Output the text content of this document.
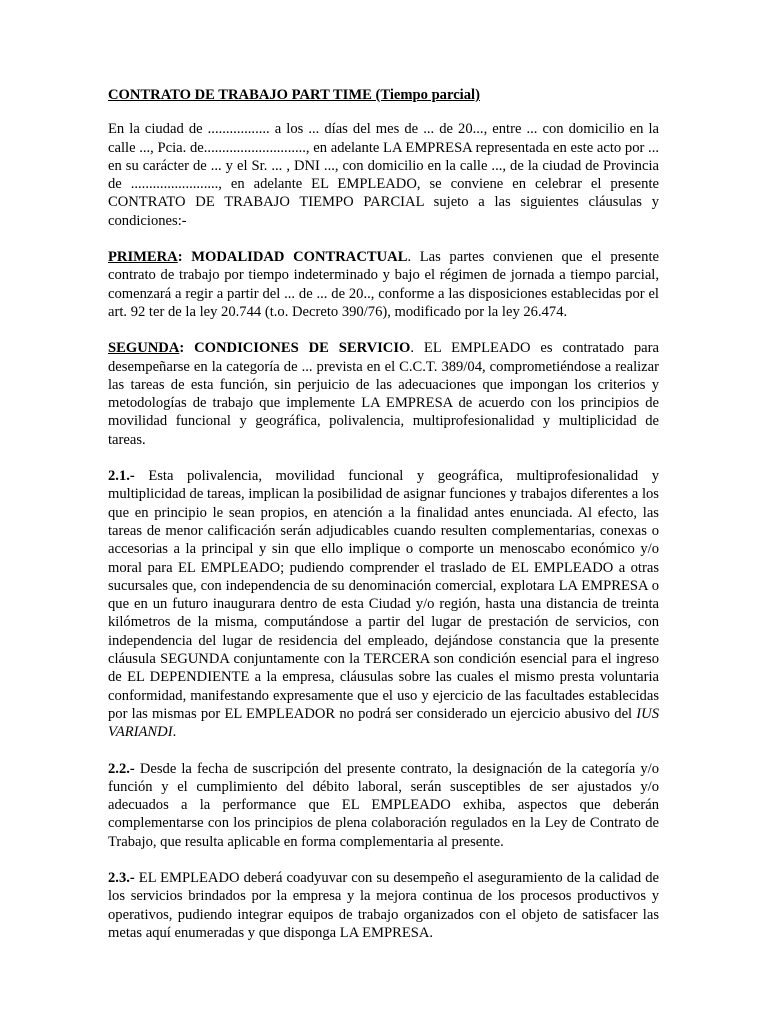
CONTRATO DE TRABAJO PART TIME (Tiempo parcial)

En la ciudad de ................. a los ... días del mes de ... de 20..., entre ... con domicilio en la calle ..., Pcia. de............................, en adelante LA EMPRESA representada en este acto por ... en su carácter de ... y el Sr. ... , DNI ..., con domicilio en la calle ..., de la ciudad de Provincia de ........................, en adelante EL EMPLEADO, se conviene en celebrar el presente CONTRATO DE TRABAJO TIEMPO PARCIAL sujeto a las siguientes cláusulas y condiciones:-

PRIMERA: MODALIDAD CONTRACTUAL. Las partes convienen que el presente contrato de trabajo por tiempo indeterminado y bajo el régimen de jornada a tiempo parcial, comenzará a regir a partir del ... de ... de 20.., conforme a las disposiciones establecidas por el art. 92 ter de la ley 20.744 (t.o. Decreto 390/76), modificado por la ley 26.474.

SEGUNDA: CONDICIONES DE SERVICIO. EL EMPLEADO es contratado para desempeñarse en la categoría de ... prevista en el C.C.T. 389/04, comprometiéndose a realizar las tareas de esta función, sin perjuicio de las adecuaciones que impongan los criterios y metodologías de trabajo que implemente LA EMPRESA de acuerdo con los principios de movilidad funcional y geográfica, polivalencia, multiprofesionalidad y multiplicidad de tareas.

2.1.- Esta polivalencia, movilidad funcional y geográfica, multiprofesionalidad y multiplicidad de tareas, implican la posibilidad de asignar funciones y trabajos diferentes a los que en principio le sean propios, en atención a la finalidad antes enunciada. Al efecto, las tareas de menor calificación serán adjudicables cuando resulten complementarias, conexas o accesorias a la principal y sin que ello implique o comporte un menoscabo económico y/o moral para EL EMPLEADO; pudiendo comprender el traslado de EL EMPLEADO a otras sucursales que, con independencia de su denominación comercial, explotara LA EMPRESA o que en un futuro inaugurara dentro de esta Ciudad y/o región, hasta una distancia de treinta kilómetros de la misma, computándose a partir del lugar de prestación de servicios, con independencia del lugar de residencia del empleado, dejándose constancia que la presente cláusula SEGUNDA conjuntamente con la TERCERA son condición esencial para el ingreso de EL DEPENDIENTE a la empresa, cláusulas sobre las cuales el mismo presta voluntaria conformidad, manifestando expresamente que el uso y ejercicio de las facultades establecidas por las mismas por EL EMPLEADOR no podrá ser considerado un ejercicio abusivo del IUS VARIANDI.

2.2.- Desde la fecha de suscripción del presente contrato, la designación de la categoría y/o función y el cumplimiento del débito laboral, serán susceptibles de ser ajustados y/o adecuados a la performance que EL EMPLEADO exhiba, aspectos que deberán complementarse con los principios de plena colaboración regulados en la Ley de Contrato de Trabajo, que resulta aplicable en forma complementaria al presente.

2.3.- EL EMPLEADO deberá coadyuvar con su desempeño el aseguramiento de la calidad de los servicios brindados por la empresa y la mejora continua de los procesos productivos y operativos, pudiendo integrar equipos de trabajo organizados con el objeto de satisfacer las metas aquí enumeradas y que disponga LA EMPRESA.
